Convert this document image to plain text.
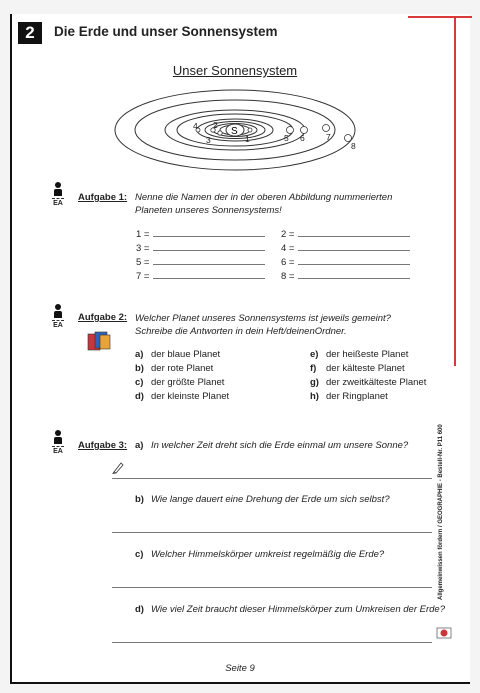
2	Die Erde und unser Sonnensystem
Unser Sonnensystem
S
1
2
3
4
5 6	7
8
EA
Aufgabe 1: Nenne die Namen der in der oberen Abbildung nummerierten Planeten unseres Sonnensystems!
1 =	2 =
3 =	4 =
5 =	6 =
7 =	8 =
EA
Aufgabe 2: Welcher Planet unseres Sonnensystems ist jeweils gemeint? Schreibe die Antworten in dein Heft/deinenOrdner.
a) der blaue Planet
b) der rote Planet
c) der größte Planet
d) der kleinste Planet
e) der heißeste Planet
f) der kälteste Planet
g) der zweitkälteste Planet
h) der Ringplanet
EA
Aufgabe 3: a) In welcher Zeit dreht sich die Erde einmal um unsere Sonne?
b) Wie lange dauert eine Drehung der Erde um sich selbst?
c) Welcher Himmelskörper umkreist regelmäßig die Erde?
d) Wie viel Zeit braucht dieser Himmelskörper zum Umkreisen der Erde?
Allgemeinwissen fördern / GEOGRAPHIE - Bestell-Nr. P11 600
Seite 9
